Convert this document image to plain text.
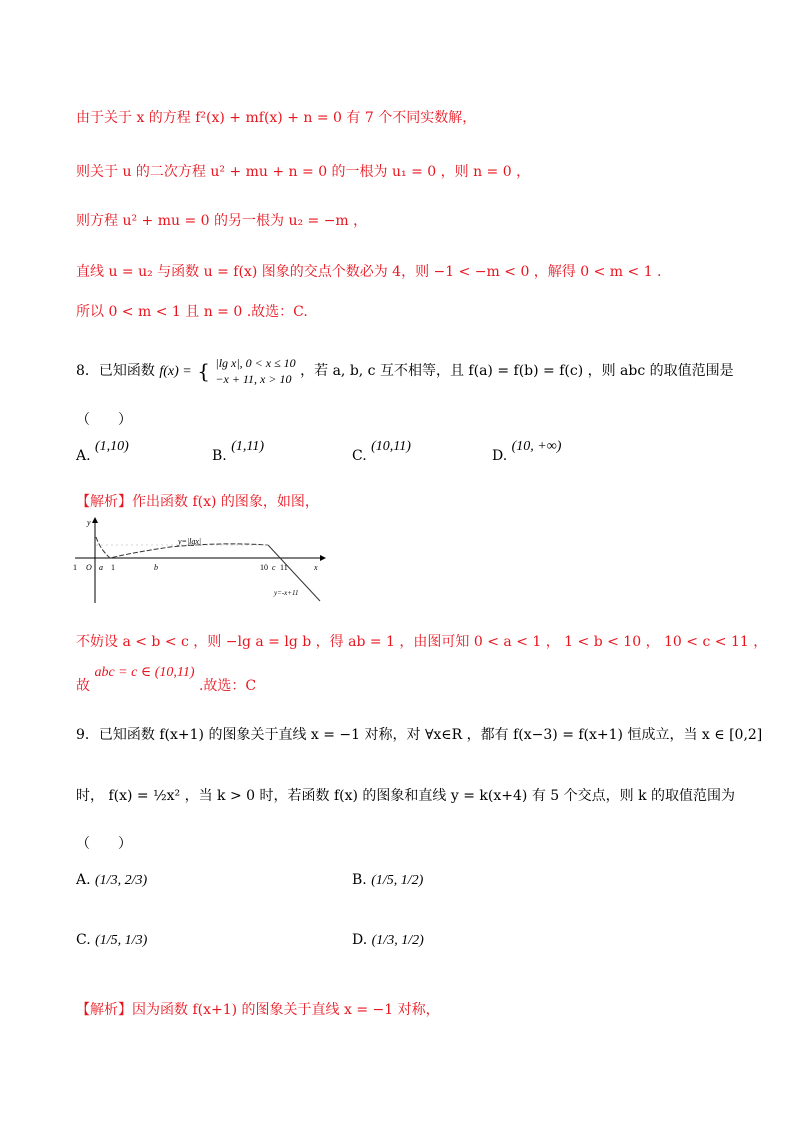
由于关于 x 的方程 f²(x) + mf(x) + n = 0 有 7 个不同实数解，
则关于 u 的二次方程 u² + mu + n = 0 的一根为 u₁ = 0 ，则 n = 0 ，
则方程 u² + mu = 0 的另一根为 u₂ = −m ，
直线 u = u₂ 与函数 u = f(x) 图象的交点个数必为 4，则 −1 < −m < 0 ，解得 0 < m < 1 .
所以 0 < m < 1 且 n = 0 .故选：C.
8．已知函数 f(x) = { |lg x|, 0 < x ≤ 10
−x + 11, x > 10 ，若 a, b, c 互不相等，且 f(a) = f(b) = f(c) ，则 abc 的取值范围是
（　　）
A. (1,10)
B. (1,11)
C. (10,11)
D. (10, +∞)
【解析】作出函数 f(x) 的图象，如图，
y
x
y=|lgx|
y=-x+11
1 O a 1	b	10 c 11
不妨设 a < b < c ，则 −lg a = lg b ，得 ab = 1 ，由图可知 0 < a < 1 ， 1 < b < 10 ， 10 < c < 11 ，
故 abc = c ∈ (10,11) .故选：C
9．已知函数 f(x+1) 的图象关于直线 x = −1 对称，对 ∀x∈R ，都有 f(x−3) = f(x+1) 恒成立，当 x ∈ [0,2]
时， f(x) = ½x² ，当 k > 0 时，若函数 f(x) 的图象和直线 y = k(x+4) 有 5 个交点，则 k 的取值范围为
（　　）
A. (1/3, 2/3)	B. (1/5, 1/2)
C. (1/5, 1/3)	D. (1/3, 1/2)
【解析】因为函数 f(x+1) 的图象关于直线 x = −1 对称，
